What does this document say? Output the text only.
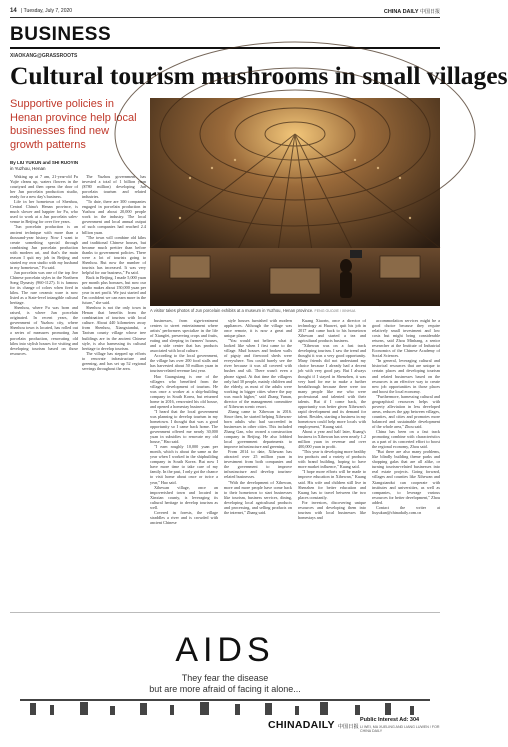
14 | Tuesday, July 7, 2020	CHINA DAILY 中国日报
BUSINESS
XIAOKANG@GRASSROOTS
Cultural tourism mushrooms in small villages
Supportive policies in Henan province help local businesses find new growth patterns
By LIU YUKUN and SHI RUOYIN
in Yuzhou, Henan

Waking up at 7 am, 21-year-old Fu Yujie cleans up, waters flowers in the courtyard and then opens the door of her Jun porcelain production studio, ready for a new day's business.

Life in her hometown of Shenhou, Central China's Henan province, is much slower and happier for Fu, who used to work at a Jun porcelain sales-venue in Beijing for over five years.

"Jun porcelain production is an ancient technique with more than a thousand-year history. Now I want to create something special through combining Jun porcelain production with modern art, and that's the main reason I quit my job in Beijing and started my own studio with my husband in my hometown," Fu said.

Jun porcelain was one of the top five Chinese porcelain styles in the Northern Song Dynasty (960-1127). It is famous for its change of colors when fired in kilns. The rare ceramic ware is now listed as a State-level intangible cultural heritage.

Shenhou, where Fu was born and raised, is where Jun porcelain originated. In recent years, the government of Yuzhou city, where Shenhou town is located, has rolled out a series of measures promoting Jun porcelain production, renovating old kilns into stylish houses for visiting and developing tourism based on those resources.

The Yuzhou government has invested a total of 1 billion yuan ($780 million) developing Jun porcelain tourism and related industries.

"To date, there are 300 companies engaged in porcelain production in Yuzhou and about 20,000 people work in the industry. The local government and local annual output of such companies had reached 2.4 billion yuan.

"The town will combine old kilns and traditional Chinese houses, but became much prettier than before thanks to government policies. There were a lot of tourists going to Shenhou. But now the number of tourists has increased. It was very helpful for our business," Fu said.

Back in Beijing, I made 5,000 yuan per month plus bonuses, but now our studio makes about 150,000 yuan per year in net profit. We just started and I'm confident we can earn more in the future," she said.

Shenhou is not the only town in Henan that benefits from the combination of tourism with local culture. About 440 kilometers away from Shenhou, Xiangxiandui, a Taoism county village whose tree buildings are in the ancient Chinese style, is also harnessing its cultural heritage to develop tourism.

The village has stepped up efforts to renovate infrastructure and greening, and has set up 52 regional servings throughout the area.

businesses, from sign-treatment centers to street entertainment where artists' performers specialize in the life of Xiangfei, preserving crops and fruits, eating and sleeping in farmers' houses, and a side center that has products associated with local culture.

According to the local government, the village has over 200 food stalls and has harvested about 50 million yuan in tourism-related revenue last year.

Hao Guangxiang is one of the villagers who benefited from the village's development of tourism. He was once a worker at a ship-building company in South Korea, but returned home in 2016, renovated his old house, and opened a homestay business.

"I heard that the local government was planning to develop tourism in my hometown. I thought that was a good opportunity so I came back home. The government offered me nearly 30,000 yuan in subsidies to renovate my old house," Hao said.

"I earn roughly 10,000 yuan per month, which is about the same as the year when I worked in the shipbuilding company in South Korea. But now I have more time to take care of my family. In the past, I only got the chance to visit home about once or twice a year," Hao said.

Xihewan village, once an impoverished town and located in Xinxian county, is leveraging its cultural heritage to develop tourism as well.

Covered in forests, the village straddles a river and is crowded with ancient Chinese

style houses furnished with modern appliances. Although the village was once remote, it is now a great and unique place.

"You would not believe what it looked like when I first came to the village. Mud houses and broken walls of pigsty and firewood sheds were everywhere. You could barely see the river because it was all covered with bushes and silt. There wasn't even a phone signal. At that time the villagers only had 30 people, mainly children and the elderly, as most of the adults were working in bigger cities where the pay was much higher," said Zhang Yunan, director of the management committee of Xihewan scenic resort.

Zhang came to Xihewan in 2016. Since then, he started helping Xihewan-born adults who had succeeded in businesses in other cities. This included Zhang Gan, who owned a construction company in Beijing. He also lobbied local government departments to improve infrastructure and greening.

From 2014 to date, Xihewan has attracted over 25 million yuan in investment from both companies and the government to improve infrastructure and develop tourism-related businesses.

"With the development of Xihewan, more and more people have come back to their hometown to start businesses like tourism, business services, dining, developing local agricultural products and processing, and selling products on the internet," Zhang said.

Kuang Xiaorin, once a director of technology at Huawei, quit his job in 2017 and came back to his hometown Xihewan and started a tea and agricultural products business.

"Xihewan was on a fast track developing tourism. I saw the trend and thought it was a very good opportunity. Many friends did not understand my choice because I already had a decent job with very good pay. But I always thought if I stayed in Shenzhen, it was very hard for me to make a further breakthrough because there were too many people like me who were professional and talented with their talents. But if I come back, the opportunity was better given Xihewan's rapid development and its demand for talent. Besides, starting a business in my hometown could help more locals with employment," Kuang said.

About a year and half later, Kuang's business in Xihewan has seen nearly 1.2 million yuan in revenue and over 400,000 yuan in profit.

"This year is developing more healthy tea products and a variety of products with brand building, hoping to have more market influence," Kuang said.

"I hope more efforts will be made to improve education in Xihewan," Kuang said. His wife and children still live in Shenzhen for better education and Kuang has to travel between the two places constantly.

For investors, discovering unique resources and developing them into tourism with local businesses like homestays and

accommodation services might be a good choice because they require relatively small investment and low costs but might bring considerable returns, said Zhou Minhang, a senior researcher at the Institute of Industrial Economics of the Chinese Academy of Social Sciences.

"In general, leveraging cultural and historical resources that are unique to certain places and developing tourism and related businesses based on the resources is an effective way to create new job opportunities in those places and boost the local economy.

"Furthermore, harnessing cultural and geographical resources helps with poverty alleviation in less developed areas, reduces the gap between villages, counties, and cities and promotes more balanced and sustainable development of the whole area," Zhou said.

China has been on a fast track promoting combine with characteristics as a part of its concerted effort to boost the regional economy, Zhou said.

"But there are also many problems, like blindly building theme parks and shopping galas that are all alike, or turning tourism-related businesses into real estate projects. Going forward, villages and counties like Xihewan and Xiangxiandui can cooperate with institutes and universities, as well as companies, to leverage various resources for better development," Zhou added.

Contact the writer at liuyukun@chinadaily.com.cn

A visitor takes photos of Jun porcelain exhibits at a museum in Yuzhou, Henan province. FENG GUOJIE / XINHUA
AIDS
They fear the disease
but are more afraid of facing it alone...
CHINADAILY 中国日报
Public Interest Ad: 304
LI WEI, MA XUELING AND LIANG LUWEN / FOR CHINA DAILY
